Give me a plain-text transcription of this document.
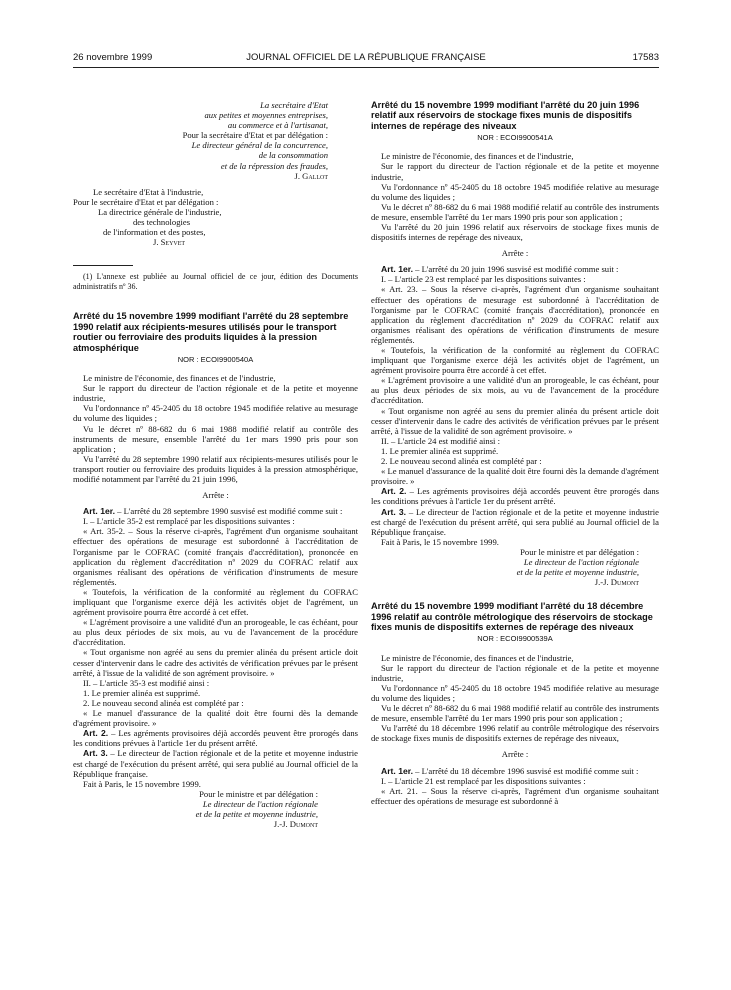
26 novembre 1999	JOURNAL OFFICIEL DE LA RÉPUBLIQUE FRANÇAISE	17583
La secrétaire d'Etat
aux petites et moyennes entreprises,
au commerce et à l'artisanat,
Pour la secrétaire d'Etat et par délégation :
Le directeur général de la concurrence,
de la consommation
et de la répression des fraudes,
J. Gallot
Le secrétaire d'Etat à l'industrie,
Pour le secrétaire d'Etat et par délégation :
La directrice générale de l'industrie,
des technologies
de l'information et des postes,
J. Seyvet

(1) L'annexe est publiée au Journal officiel de ce jour, édition des Documents administratifs nº 36.

Arrêté du 15 novembre 1999 modifiant l'arrêté du 28 septembre 1990 relatif aux récipients-mesures utilisés pour le transport routier ou ferroviaire des produits liquides à la pression atmosphérique
NOR : ECOI9900540A

Le ministre de l'économie, des finances et de l'industrie,

Sur le rapport du directeur de l'action régionale et de la petite et moyenne industrie,

Vu l'ordonnance nº 45-2405 du 18 octobre 1945 modifiée relative au mesurage du volume des liquides ;

Vu le décret nº 88-682 du 6 mai 1988 modifié relatif au contrôle des instruments de mesure, ensemble l'arrêté du 1er mars 1990 pris pour son application ;

Vu l'arrêté du 28 septembre 1990 relatif aux récipients-mesures utilisés pour le transport routier ou ferroviaire des produits liquides à la pression atmosphérique, modifié notamment par l'arrêté du 21 juin 1996,

Arrête :

Art. 1er. – L'arrêté du 28 septembre 1990 susvisé est modifié comme suit :

I. – L'article 35-2 est remplacé par les dispositions suivantes :

« Art. 35-2. – Sous la réserve ci-après, l'agrément d'un organisme souhaitant effectuer des opérations de mesurage est subordonné à l'accréditation de l'organisme par le COFRAC (comité français d'accréditation), prononcée en application du règlement d'accréditation nº 2029 du COFRAC relatif aux organismes réalisant des opérations de vérification d'instruments de mesure réglementés.

« Toutefois, la vérification de la conformité au règlement du COFRAC impliquant que l'organisme exerce déjà les activités objet de l'agrément, un agrément provisoire pourra être accordé à cet effet.

« L'agrément provisoire a une validité d'un an prorogeable, le cas échéant, pour au plus deux périodes de six mois, au vu de l'avancement de la procédure d'accréditation.

« Tout organisme non agréé au sens du premier alinéa du présent article doit cesser d'intervenir dans le cadre des activités de vérification prévues par le présent arrêté, à l'issue de la validité de son agrément provisoire. »

II. – L'article 35-3 est modifié ainsi :

1. Le premier alinéa est supprimé.

2. Le nouveau second alinéa est complété par :

« Le manuel d'assurance de la qualité doit être fourni dès la demande d'agrément provisoire. »

Art. 2. – Les agréments provisoires déjà accordés peuvent être prorogés dans les conditions prévues à l'article 1er du présent arrêté.

Art. 3. – Le directeur de l'action régionale et de la petite et moyenne industrie est chargé de l'exécution du présent arrêté, qui sera publié au Journal officiel de la République française.

Fait à Paris, le 15 novembre 1999.

Pour le ministre et par délégation :
Le directeur de l'action régionale
et de la petite et moyenne industrie,
J.-J. Dumont
Arrêté du 15 novembre 1999 modifiant l'arrêté du 20 juin 1996 relatif aux réservoirs de stockage fixes munis de dispositifs internes de repérage des niveaux
NOR : ECOI9900541A

Le ministre de l'économie, des finances et de l'industrie,

Sur le rapport du directeur de l'action régionale et de la petite et moyenne industrie,

Vu l'ordonnance nº 45-2405 du 18 octobre 1945 modifiée relative au mesurage du volume des liquides ;

Vu le décret nº 88-682 du 6 mai 1988 modifié relatif au contrôle des instruments de mesure, ensemble l'arrêté du 1er mars 1990 pris pour son application ;

Vu l'arrêté du 20 juin 1996 relatif aux réservoirs de stockage fixes munis de dispositifs internes de repérage des niveaux,

Arrête :

Art. 1er. – L'arrêté du 20 juin 1996 susvisé est modifié comme suit :

I. – L'article 23 est remplacé par les dispositions suivantes :

« Art. 23. – Sous la réserve ci-après, l'agrément d'un organisme souhaitant effectuer des opérations de mesurage est subordonné à l'accréditation de l'organisme par le COFRAC (comité français d'accréditation), prononcée en application du règlement d'accréditation nº 2029 du COFRAC relatif aux organismes réalisant des opérations de vérification d'instruments de mesure réglementés.

« Toutefois, la vérification de la conformité au règlement du COFRAC impliquant que l'organisme exerce déjà les activités objet de l'agrément, un agrément provisoire pourra être accordé à cet effet.

« L'agrément provisoire a une validité d'un an prorogeable, le cas échéant, pour au plus deux périodes de six mois, au vu de l'avancement de la procédure d'accréditation.

« Tout organisme non agréé au sens du premier alinéa du présent article doit cesser d'intervenir dans le cadre des activités de vérification prévues par le présent arrêté, à l'issue de la validité de son agrément provisoire. »

II. – L'article 24 est modifié ainsi :

1. Le premier alinéa est supprimé.

2. Le nouveau second alinéa est complété par :

« Le manuel d'assurance de la qualité doit être fourni dès la demande d'agrément provisoire. »

Art. 2. – Les agréments provisoires déjà accordés peuvent être prorogés dans les conditions prévues à l'article 1er du présent arrêté.

Art. 3. – Le directeur de l'action régionale et de la petite et moyenne industrie est chargé de l'exécution du présent arrêté, qui sera publié au Journal officiel de la République française.

Fait à Paris, le 15 novembre 1999.

Pour le ministre et par délégation :
Le directeur de l'action régionale
et de la petite et moyenne industrie,
J.-J. Dumont
Arrêté du 15 novembre 1999 modifiant l'arrêté du 18 décembre 1996 relatif au contrôle métrologique des réservoirs de stockage fixes munis de dispositifs externes de repérage des niveaux
NOR : ECOI9900539A

Le ministre de l'économie, des finances et de l'industrie,

Sur le rapport du directeur de l'action régionale et de la petite et moyenne industrie,

Vu l'ordonnance nº 45-2405 du 18 octobre 1945 modifiée relative au mesurage du volume des liquides ;

Vu le décret nº 88-682 du 6 mai 1988 modifié relatif au contrôle des instruments de mesure, ensemble l'arrêté du 1er mars 1990 pris pour son application ;

Vu l'arrêté du 18 décembre 1996 relatif au contrôle métrologique des réservoirs de stockage fixes munis de dispositifs externes de repérage des niveaux,

Arrête :

Art. 1er. – L'arrêté du 18 décembre 1996 susvisé est modifié comme suit :

I. – L'article 21 est remplacé par les dispositions suivantes :

« Art. 21. – Sous la réserve ci-après, l'agrément d'un organisme souhaitant effectuer des opérations de mesurage est subordonné à
